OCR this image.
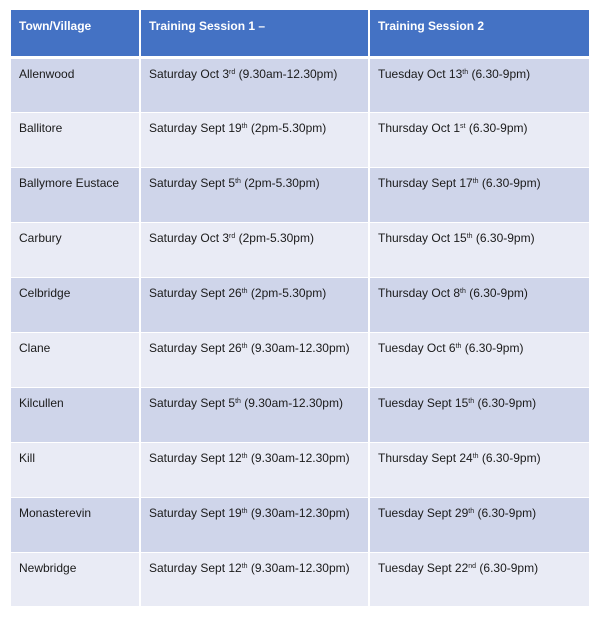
Town/Village	Training Session 1 –	Training Session 2
Allenwood	Saturday Oct 3rd (9.30am-12.30pm)	Tuesday Oct 13th (6.30-9pm)
Ballitore	Saturday Sept 19th (2pm-5.30pm)	Thursday Oct 1st (6.30-9pm)
Ballymore Eustace	Saturday Sept 5th (2pm-5.30pm)	Thursday Sept 17th (6.30-9pm)
Carbury	Saturday Oct 3rd (2pm-5.30pm)	Thursday Oct 15th (6.30-9pm)
Celbridge	Saturday Sept 26th (2pm-5.30pm)	Thursday Oct 8th (6.30-9pm)
Clane	Saturday Sept 26th (9.30am-12.30pm)	Tuesday Oct 6th (6.30-9pm)
Kilcullen	Saturday Sept 5th (9.30am-12.30pm)	Tuesday Sept 15th (6.30-9pm)
Kill	Saturday Sept 12th (9.30am-12.30pm)	Thursday Sept 24th (6.30-9pm)
Monasterevin	Saturday Sept 19th (9.30am-12.30pm)	Tuesday Sept 29th (6.30-9pm)
Newbridge	Saturday Sept 12th (9.30am-12.30pm)	Tuesday Sept 22nd (6.30-9pm)
